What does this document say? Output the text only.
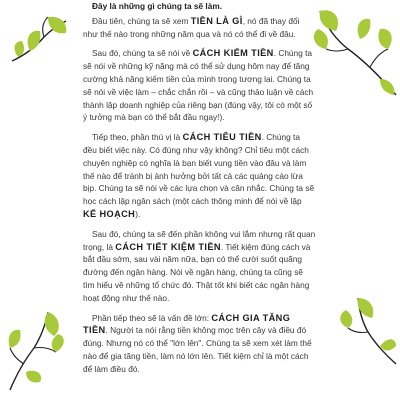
Đây là những gì chúng ta sẽ làm.

Đầu tiên, chúng ta sẽ xem TIỀN LÀ GÌ, nó đã thay đổi như thế nào trong những năm qua và nó có thể đi về đâu.

Sau đó, chúng ta sẽ nói về CÁCH KIẾM TIỀN. Chúng ta sẽ nói về những kỹ năng mà có thể sử dụng hôm nay để tăng cường khả năng kiếm tiền của mình trong tương lai. Chúng ta sẽ nói về việc làm – chắc chắn rồi – và cũng thảo luận về cách thành lập doanh nghiệp của riêng bạn (đúng vậy, tôi có một số ý tưởng mà bạn có thể bắt đầu ngay!).

Tiếp theo, phần thú vị là CÁCH TIÊU TIỀN. Chúng ta đều biết việc này. Có đúng như vậy không? Chỉ tiêu một cách chuyên nghiệp có nghĩa là bạn biết vung tiền vào đâu và làm thế nào để tránh bị ảnh hưởng bởi tất cả các quảng cáo lừa bịp. Chúng ta sẽ nói về các lựa chọn và cân nhắc. Chúng ta sẽ học cách lập ngân sách (một cách thông minh để nói về lập KẾ HOẠCH).

Sau đó, chúng ta sẽ đến phần không vui lắm nhưng rất quan trọng, là CÁCH TIẾT KIỆM TIỀN. Tiết kiệm đúng cách và bắt đầu sớm, sau vài năm nữa, bạn có thể cười suốt quãng đường đến ngân hàng. Nói về ngân hàng, chúng ta cũng sẽ tìm hiểu về những tổ chức đó. Thật tốt khi biết các ngân hàng hoạt động như thế nào.

Phần tiếp theo sẽ là vấn đề lớn: CÁCH GIA TĂNG TIỀN. Người ta nói rằng tiền không mọc trên cây và điều đó đúng. Nhưng nó có thể "lớn lên". Chúng ta sẽ xem xét làm thế nào để gia tăng tiền, làm nó lớn lên. Tiết kiệm chỉ là một cách để làm điều đó.
